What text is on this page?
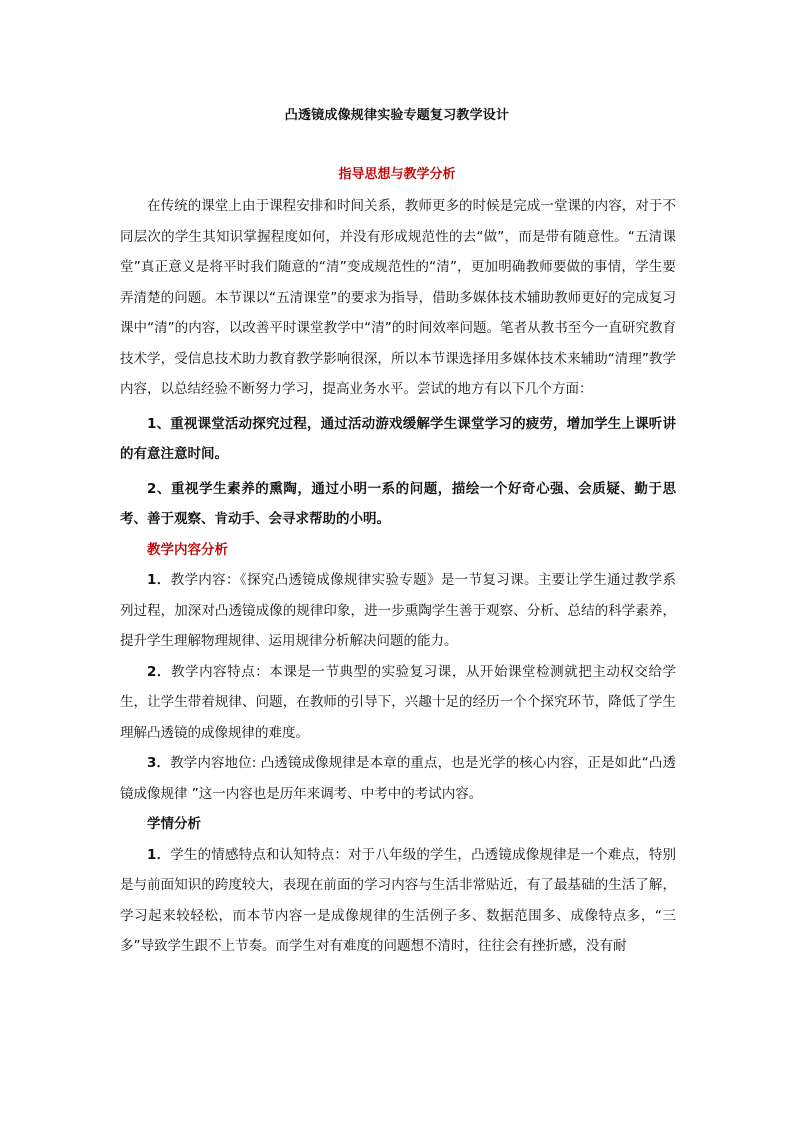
凸透镜成像规律实验专题复习教学设计
指导思想与教学分析

在传统的课堂上由于课程安排和时间关系，教师更多的时候是完成一堂课的内容，对于不同层次的学生其知识掌握程度如何，并没有形成规范性的去“做”，而是带有随意性。“五清课堂”真正意义是将平时我们随意的“清”变成规范性的“清”，更加明确教师要做的事情，学生要弄清楚的问题。本节课以“五清课堂”的要求为指导，借助多媒体技术辅助教师更好的完成复习课中“清”的内容，以改善平时课堂教学中“清”的时间效率问题。笔者从教书至今一直研究教育技术学，受信息技术助力教育教学影响很深，所以本节课选择用多媒体技术来辅助“清理”教学内容，以总结经验不断努力学习，提高业务水平。尝试的地方有以下几个方面：

1、重视课堂活动探究过程，通过活动游戏缓解学生课堂学习的疲劳，增加学生上课听讲的有意注意时间。

2、重视学生素养的熏陶，通过小明一系的问题，描绘一个好奇心强、会质疑、勤于思考、善于观察、肯动手、会寻求帮助的小明。

教学内容分析

1．教学内容：《探究凸透镜成像规律实验专题》是一节复习课。主要让学生通过教学系列过程，加深对凸透镜成像的规律印象，进一步熏陶学生善于观察、分析、总结的科学素养，提升学生理解物理规律、运用规律分析解决问题的能力。

2．教学内容特点：本课是一节典型的实验复习课，从开始课堂检测就把主动权交给学生，让学生带着规律、问题，在教师的引导下，兴趣十足的经历一个个探究环节，降低了学生理解凸透镜的成像规律的难度。

3．教学内容地位: 凸透镜成像规律是本章的重点，也是光学的核心内容，正是如此“凸透镜成像规律 ”这一内容也是历年来调考、中考中的考试内容。

学情分析

1．学生的情感特点和认知特点：对于八年级的学生，凸透镜成像规律是一个难点，特别是与前面知识的跨度较大，表现在前面的学习内容与生活非常贴近，有了最基础的生活了解，学习起来较轻松，而本节内容一是成像规律的生活例子多、数据范围多、成像特点多，“三多”导致学生跟不上节奏。而学生对有难度的问题想不清时，往往会有挫折感，没有耐
